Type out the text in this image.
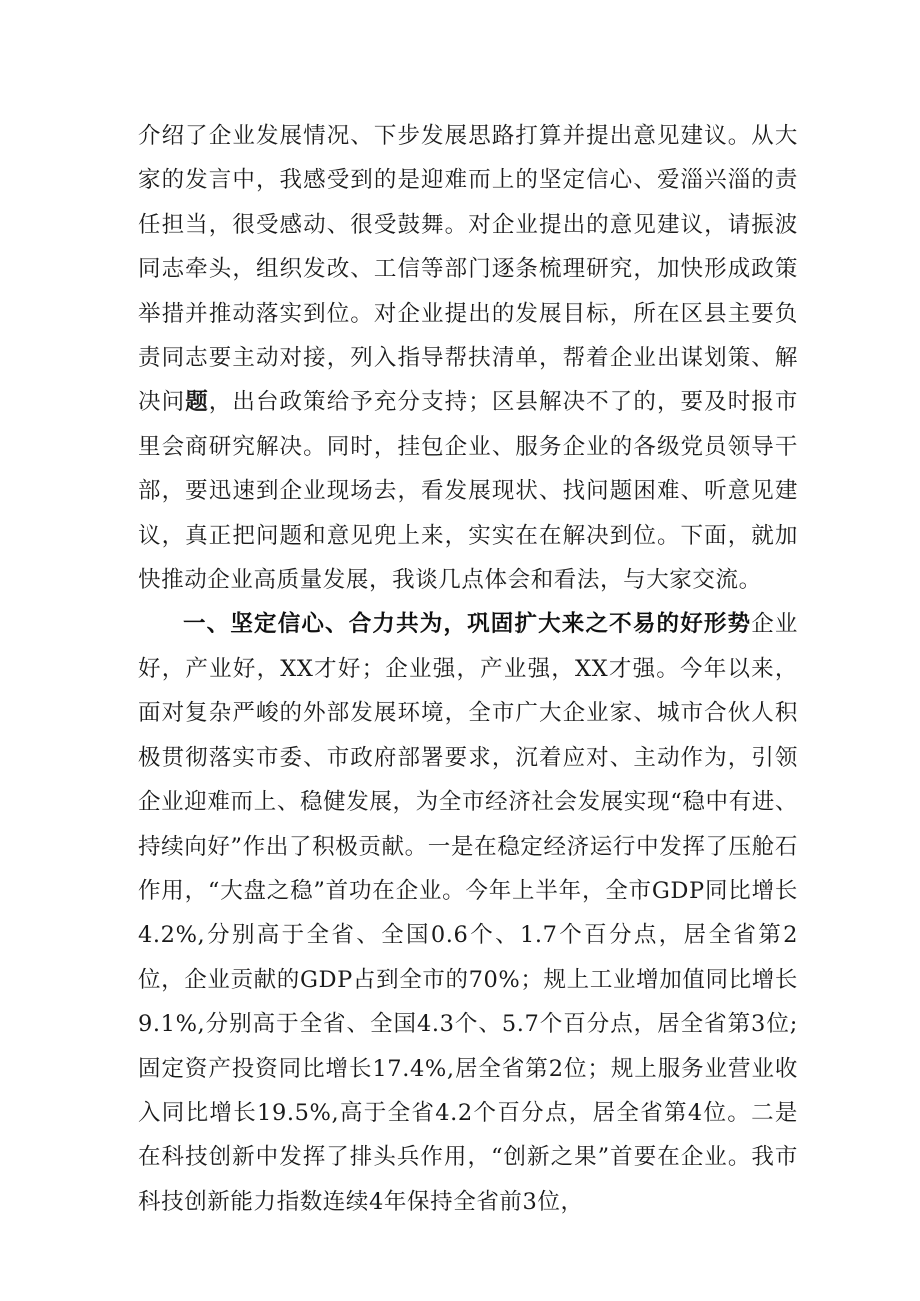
介绍了企业发展情况、下步发展思路打算并提出意见建议。从大家的发言中，我感受到的是迎难而上的坚定信心、爱淄兴淄的责任担当，很受感动、很受鼓舞。对企业提出的意见建议，请振波同志牵头，组织发改、工信等部门逐条梳理研究，加快形成政策举措并推动落实到位。对企业提出的发展目标，所在区县主要负责同志要主动对接，列入指导帮扶清单，帮着企业出谋划策、解决问题，出台政策给予充分支持；区县解决不了的，要及时报市里会商研究解决。同时，挂包企业、服务企业的各级党员领导干部，要迅速到企业现场去，看发展现状、找问题困难、听意见建议，真正把问题和意见兜上来，实实在在解决到位。下面，就加快推动企业高质量发展，我谈几点体会和看法，与大家交流。

一、坚定信心、合力共为，巩固扩大来之不易的好形势企业好，产业好，XX才好；企业强，产业强，XX才强。今年以来，面对复杂严峻的外部发展环境，全市广大企业家、城市合伙人积极贯彻落实市委、市政府部署要求，沉着应对、主动作为，引领企业迎难而上、稳健发展，为全市经济社会发展实现“稳中有进、持续向好”作出了积极贡献。一是在稳定经济运行中发挥了压舱石作用，“大盘之稳”首功在企业。今年上半年，全市GDP同比增长4.2%,分别高于全省、全国0.6个、1.7个百分点，居全省第2位，企业贡献的GDP占到全市的70%；规上工业增加值同比增长9.1%,分别高于全省、全国4.3个、5.7个百分点，居全省第3位;固定资产投资同比增长17.4%,居全省第2位；规上服务业营业收入同比增长19.5%,高于全省4.2个百分点，居全省第4位。二是在科技创新中发挥了排头兵作用，“创新之果”首要在企业。我市科技创新能力指数连续4年保持全省前3位，
